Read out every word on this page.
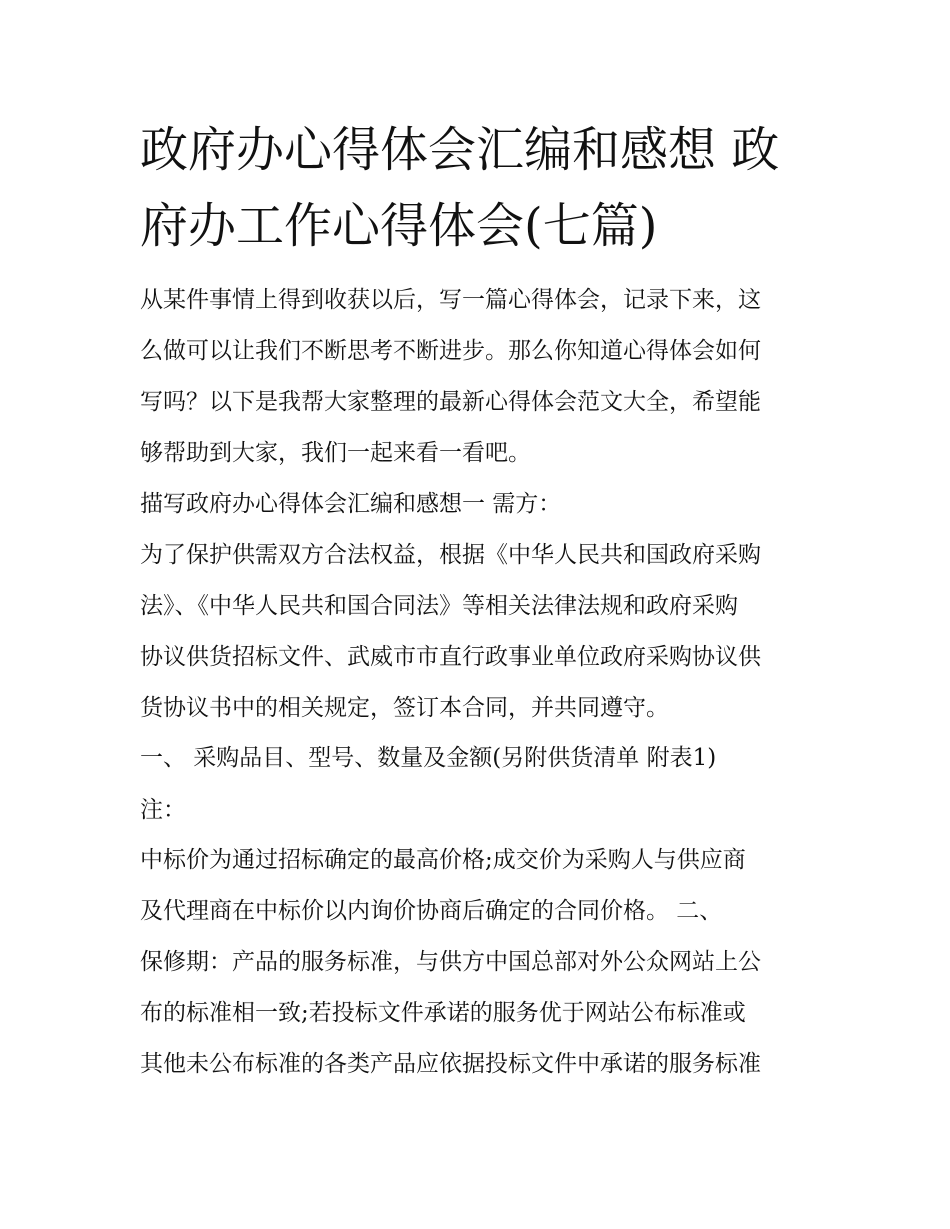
政府办心得体会汇编和感想 政
府办工作心得体会(七篇)
从某件事情上得到收获以后，写一篇心得体会，记录下来，这
么做可以让我们不断思考不断进步。那么你知道心得体会如何
写吗？以下是我帮大家整理的最新心得体会范文大全，希望能
够帮助到大家，我们一起来看一看吧。
描写政府办心得体会汇编和感想一 需方：
为了保护供需双方合法权益，根据《中华人民共和国政府采购
法》、《中华人民共和国合同法》等相关法律法规和政府采购
协议供货招标文件、武威市市直行政事业单位政府采购协议供
货协议书中的相关规定，签订本合同，并共同遵守。
一、 采购品目、型号、数量及金额(另附供货清单 附表1)
注：
中标价为通过招标确定的最高价格;成交价为采购人与供应商
及代理商在中标价以内询价协商后确定的合同价格。 二、
保修期：产品的服务标准，与供方中国总部对外公众网站上公
布的标准相一致;若投标文件承诺的服务优于网站公布标准或
其他未公布标准的各类产品应依据投标文件中承诺的服务标准
